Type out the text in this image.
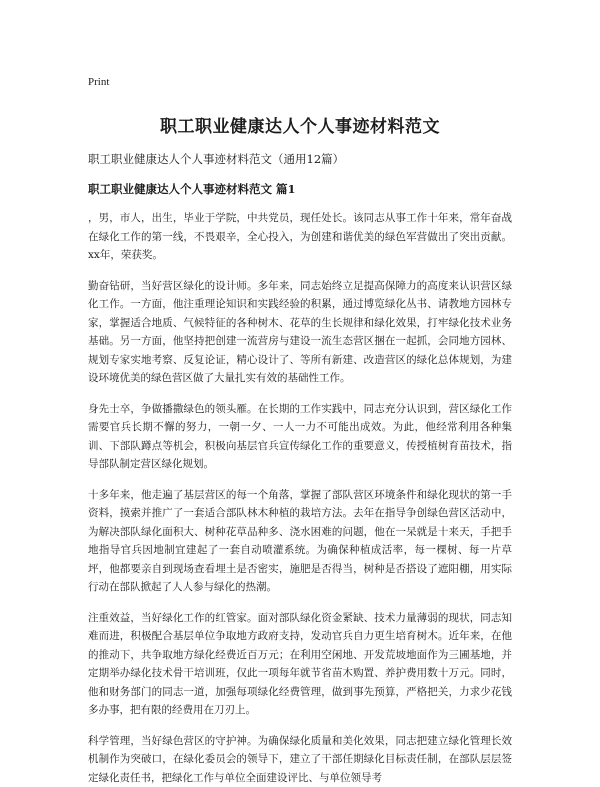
Print
职工职业健康达人个人事迹材料范文
职工职业健康达人个人事迹材料范文（通用12篇）
职工职业健康达人个人事迹材料范文 篇1

，男，市人，出生，毕业于学院，中共党员，现任处长。该同志从事工作十年来，常年奋战在绿化工作的第一线，不畏艰辛，全心投入，为创建和谐优美的绿色军营做出了突出贡献。xx年，荣获奖。

勤奋钻研，当好营区绿化的设计师。多年来，同志始终立足提高保障力的高度来认识营区绿化工作。一方面，他注重理论知识和实践经验的积累，通过博览绿化丛书、请教地方园林专家，掌握适合地质、气候特征的各种树木、花草的生长规律和绿化效果，打牢绿化技术业务基础。另一方面，他坚持把创建一流营房与建设一流生态营区捆在一起抓，会同地方园林、规划专家实地考察、反复论证，精心设计了、等所有新建、改造营区的绿化总体规划，为建设环境优美的绿色营区做了大量扎实有效的基础性工作。

身先士卒，争做播撒绿色的领头雁。在长期的工作实践中，同志充分认识到，营区绿化工作需要官兵长期不懈的努力，一朝一夕、一人一力不可能出成效。为此，他经常利用各种集训、下部队蹲点等机会，积极向基层官兵宣传绿化工作的重要意义，传授植树育苗技术，指导部队制定营区绿化规划。

十多年来，他走遍了基层营区的每一个角落，掌握了部队营区环境条件和绿化现状的第一手资料，摸索并推广了一套适合部队林木种植的栽培方法。去年在指导争创绿色营区活动中，为解决部队绿化面积大、树种花草品种多、浇水困难的问题，他在一呆就是十来天，手把手地指导官兵因地制宜建起了一套自动喷灌系统。为确保种植成活率，每一棵树、每一片草坪，他都要亲自到现场查看埋土是否密实，施肥是否得当，树种是否搭设了遮阳棚，用实际行动在部队掀起了人人参与绿化的热潮。

注重效益，当好绿化工作的红管家。面对部队绿化资金紧缺、技术力量薄弱的现状，同志知难而进，积极配合基层单位争取地方政府支持，发动官兵自力更生培育树木。近年来，在他的推动下，共争取地方绿化经费近百万元；在利用空闲地、开发荒坡地面作为三圃基地，并定期举办绿化技术骨干培训班，仅此一项每年就节省苗木购置、养护费用数十万元。同时，他和财务部门的同志一道，加强每项绿化经费管理，做到事先预算，严格把关，力求少花钱多办事，把有限的经费用在刀刃上。

科学管理，当好绿色营区的守护神。为确保绿化质量和美化效果，同志把建立绿化管理长效机制作为突破口，在绿化委员会的领导下，建立了干部任期绿化目标责任制，在部队层层签定绿化责任书，把绿化工作与单位全面建设评比、与单位领导考
